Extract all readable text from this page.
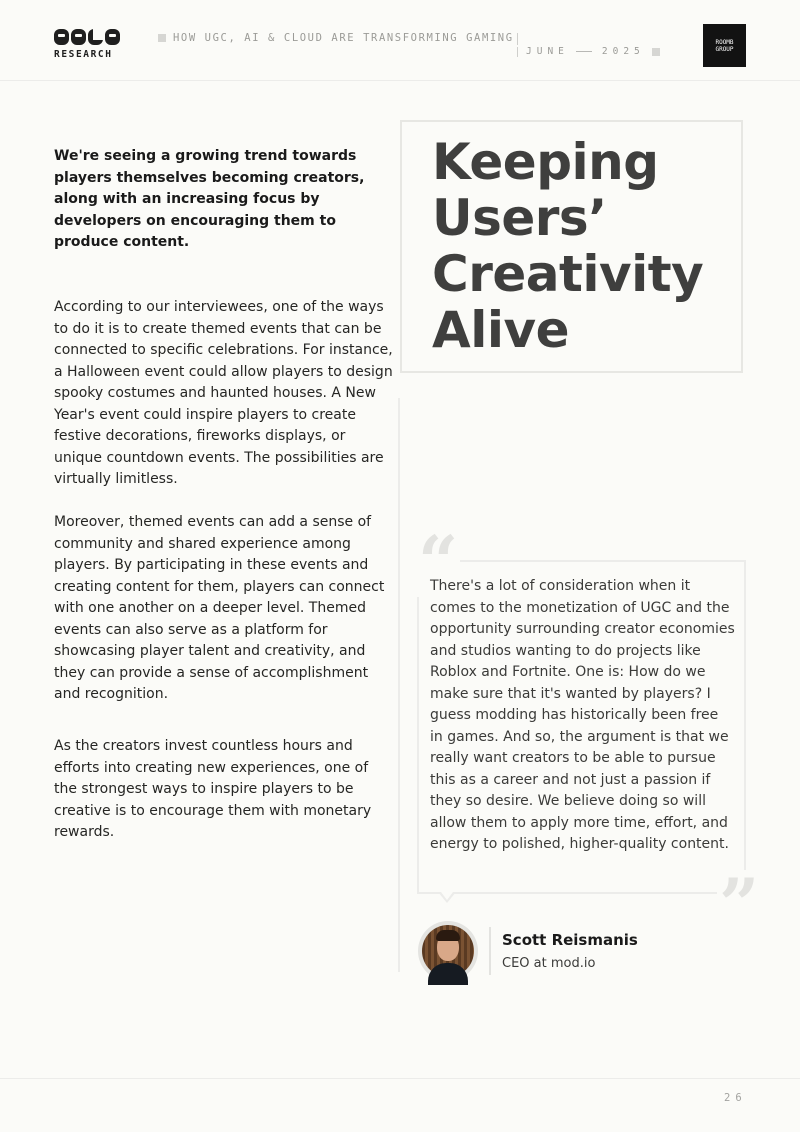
RESEARCH
HOW UGC, AI & CLOUD ARE TRANSFORMING GAMING
JUNE	2025
ROOMB
GROUP
We're seeing a growing trend towards players themselves becoming creators, along with an increasing focus by developers on encouraging them to produce content.
Keeping Users’ Creativity Alive
According to our interviewees, one of the ways to do it is to create themed events that can be connected to specific celebrations. For instance, a Halloween event could allow players to design spooky costumes and haunted houses. A New Year's event could inspire players to create festive decorations, fireworks displays, or unique countdown events. The possibilities are virtually limitless.
Moreover, themed events can add a sense of community and shared experience among players. By participating in these events and creating content for them, players can connect with one another on a deeper level. Themed events can also serve as a platform for showcasing player talent and creativity, and they can provide a sense of accomplishment and recognition.
As the creators invest countless hours and efforts into creating new experiences, one of the strongest ways to inspire players to be creative is to encourage them with monetary rewards.
“
”
There's a lot of consideration when it comes to the monetization of UGC and the opportunity surrounding creator economies and studios wanting to do projects like Roblox and Fortnite. One is: How do we make sure that it's wanted by players? I guess modding has historically been free in games. And so, the argument is that we really want creators to be able to pursue this as a career and not just a passion if they so desire. We believe doing so will allow them to apply more time, effort, and energy to polished, higher-quality content.
Scott Reismanis
CEO at mod.io
26
